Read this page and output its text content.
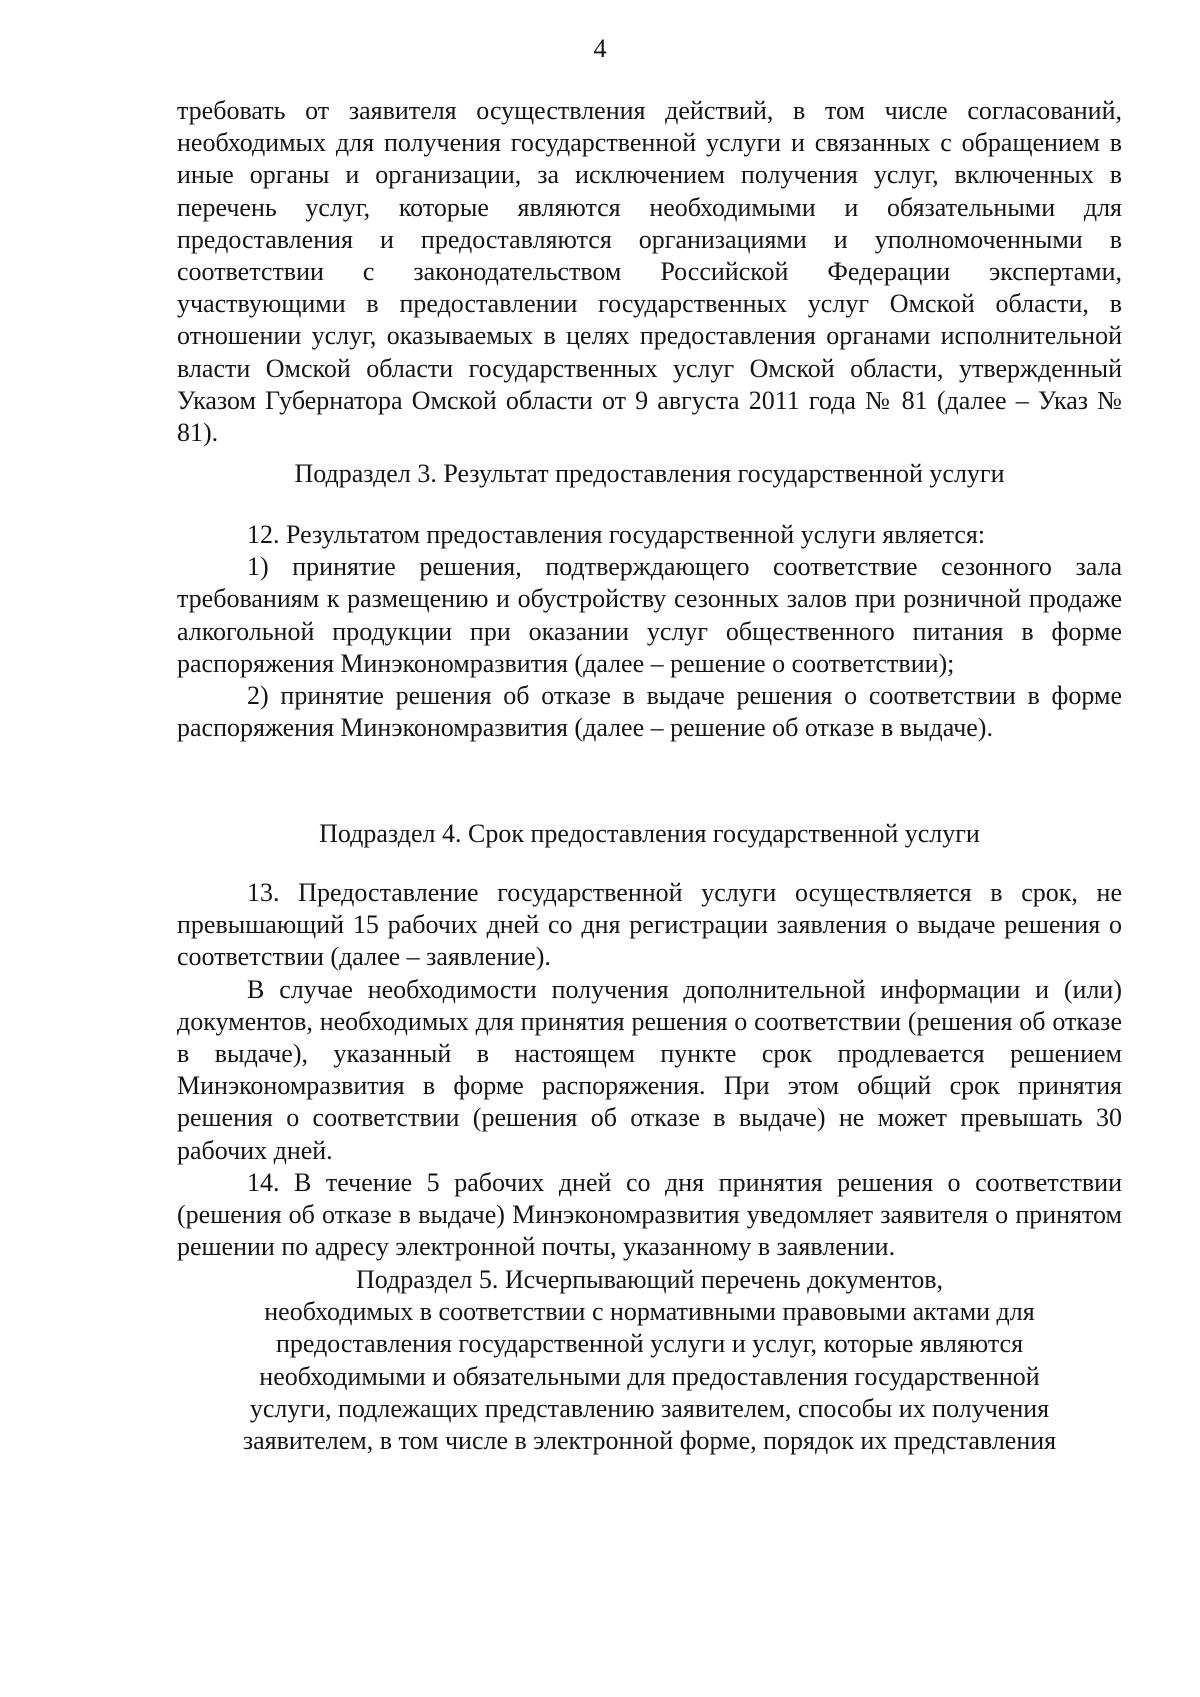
4

требовать от заявителя осуществления действий, в том числе согласований, необходимых для получения государственной услуги и связанных с обращением в иные органы и организации, за исключением получения услуг, включенных в перечень услуг, которые являются необходимыми и обязательными для предоставления и предоставляются организациями и уполномоченными в соответствии с законодательством Российской Федерации экспертами, участвующими в предоставлении государственных услуг Омской области, в отношении услуг, оказываемых в целях предоставления органами исполнительной власти Омской области государственных услуг Омской области, утвержденный Указом Губернатора Омской области от 9 августа 2011 года № 81 (далее – Указ № 81).

Подраздел 3. Результат предоставления государственной услуги

12. Результатом предоставления государственной услуги является:

1) принятие решения, подтверждающего соответствие сезонного зала требованиям к размещению и обустройству сезонных залов при розничной продаже алкогольной продукции при оказании услуг общественного питания в форме распоряжения Минэкономразвития (далее – решение о соответствии);

2) принятие решения об отказе в выдаче решения о соответствии в форме распоряжения Минэкономразвития (далее – решение об отказе в выдаче).

Подраздел 4. Срок предоставления государственной услуги

13. Предоставление государственной услуги осуществляется в срок, не превышающий 15 рабочих дней со дня регистрации заявления о выдаче решения о соответствии (далее – заявление).

В случае необходимости получения дополнительной информации и (или) документов, необходимых для принятия решения о соответствии (решения об отказе в выдаче), указанный в настоящем пункте срок продлевается решением Минэкономразвития в форме распоряжения. При этом общий срок принятия решения о соответствии (решения об отказе в выдаче) не может превышать 30 рабочих дней.

14. В течение 5 рабочих дней со дня принятия решения о соответствии (решения об отказе в выдаче) Минэкономразвития уведомляет заявителя о принятом решении по адресу электронной почты, указанному в заявлении.

Подраздел 5. Исчерпывающий перечень документов,
необходимых в соответствии с нормативными правовыми актами для
предоставления государственной услуги и услуг, которые являются
необходимыми и обязательными для предоставления государственной
услуги, подлежащих представлению заявителем, способы их получения
заявителем, в том числе в электронной форме, порядок их представления
